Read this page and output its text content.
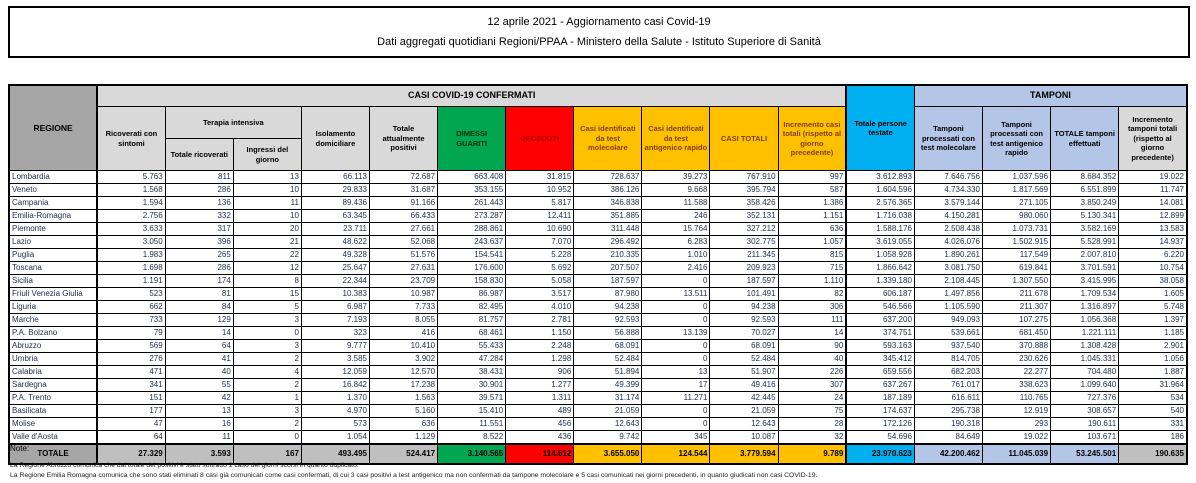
12 aprile 2021 - Aggiornamento casi Covid-19
Dati aggregati quotidiani Regioni/PPAA - Ministero della Salute - Istituto Superiore di Sanità
REGIONE	CASI COVID-19 CONFERMATI											Totale persone testate	TAMPONI			
	Ricoverati con sintomi	Terapia intensiva		Isolamento domiciliare	Totale attualmente positivi	DIMESSI GUARITI	DECEDUTI	Casi identificati da test molecolare	Casi identificati da test antigenico rapido	CASI TOTALI	Incremento casi totali (rispetto al giorno precedente)		Tamponi processati con test molecolare	Tamponi processati con test antigenico rapido	TOTALE tamponi effettuati	Incremento tamponi totali (rispetto al giorno precedente)
		Totale ricoverati	Ingressi del giorno													
Lombardia	5.763	811	13	66.113	72.687	663.408	31.815	728.637	39.273	767.910	997	3.612.893	7.646.756	1.037.596	8.684.352	19.022
Veneto	1.568	286	10	29.833	31.687	353.155	10.952	386.126	9.668	395.794	587	1.604.596	4.734.330	1.817.569	6.551.899	11.747
Campania	1.594	136	11	89.436	91.166	261.443	5.817	346.838	11.588	358.426	1.386	2.576.365	3.579.144	271.105	3.850.249	14.081
Emilia-Romagna	2.756	332	10	63.345	66.433	273.287	12.411	351.885	246	352.131	1.151	1.716.038	4.150.281	980.060	5.130.341	12.899
Piemonte	3.633	317	20	23.711	27.661	288.861	10.690	311.448	15.764	327.212	636	1.588.176	2.508.438	1.073.731	3.582.169	13.583
Lazio	3.050	396	21	48.622	52.068	243.637	7.070	296.492	6.283	302.775	1.057	3.619.055	4.026.076	1.502.915	5.528.991	14.937
Puglia	1.983	265	22	49.328	51.576	154.541	5.228	210.335	1.010	211.345	815	1.058.928	1.890.261	117.549	2.007.810	6.220
Toscana	1.698	286	12	25.647	27.631	176.600	5.692	207.507	2.416	209.923	715	1.866.642	3.081.750	619.841	3.701.591	10.754
Sicilia	1.191	174	8	22.344	23.709	158.830	5.058	187.597	0	187.597	1.110	1.339.180	2.108.445	1.307.550	3.415.995	38.058
Friuli Venezia Giulia	523	81	15	10.383	10.987	86.987	3.517	87.980	13.511	101.491	82	606.187	1.497.856	211.678	1.709.534	1.605
Liguria	662	84	5	6.987	7.733	82.495	4.010	94.238	0	94.238	306	546.566	1.105.590	211.307	1.316.897	5.748
Marche	733	129	3	7.193	8.055	81.757	2.781	92.593	0	92.593	111	637.200	949.093	107.275	1.056.368	1.397
P.A. Bolzano	79	14	0	323	416	68.461	1.150	56.888	13.139	70.027	14	374.751	539.661	681.450	1.221.111	1.185
Abruzzo	569	64	3	9.777	10.410	55.433	2.248	68.091	0	68.091	90	593.163	937.540	370.888	1.308.428	2.901
Umbria	276	41	2	3.585	3.902	47.284	1.298	52.484	0	52.484	40	345.412	814.705	230.626	1.045.331	1.056
Calabria	471	40	4	12.059	12.570	38.431	906	51.894	13	51.907	226	659.556	682.203	22.277	704.480	1.887
Sardegna	341	55	2	16.842	17.238	30.901	1.277	49.399	17	49.416	307	637.267	761.017	338.623	1.099.640	31.964
P.A. Trento	151	42	1	1.370	1.563	39.571	1.311	31.174	11.271	42.445	24	187.189	616.611	110.765	727.376	534
Basilicata	177	13	3	4.970	5.160	15.410	489	21.059	0	21.059	75	174.637	295.738	12.919	308.657	540
Molise	47	16	2	573	636	11.551	456	12.643	0	12.643	28	172.126	190.318	293	190.611	331
Valle d'Aosta	64	11	0	1.054	1.129	8.522	436	9.742	345	10.087	32	54.696	84.649	19.022	103.671	186
TOTALE	27.329	3.593	167	493.495	524.417	3.140.565	114.612	3.655.050	124.544	3.779.594	9.789	23.970.623	42.200.462	11.045.039	53.245.501	190.635
Note:
La Regione Abruzzo comunica che dal totale dei positivi è stato sottratto 1 caso dei giorni scorsi in quanto duplicato.
La Regione Emilia Romagna comunica che sono stati eliminati 8 casi già comunicati come casi confermati, di cui 3 casi positivi a test antigenico ma non confermati da tampone molecolare e 5 casi comunicati nei giorni precedenti, in quanto giudicati non casi COVID-19.
